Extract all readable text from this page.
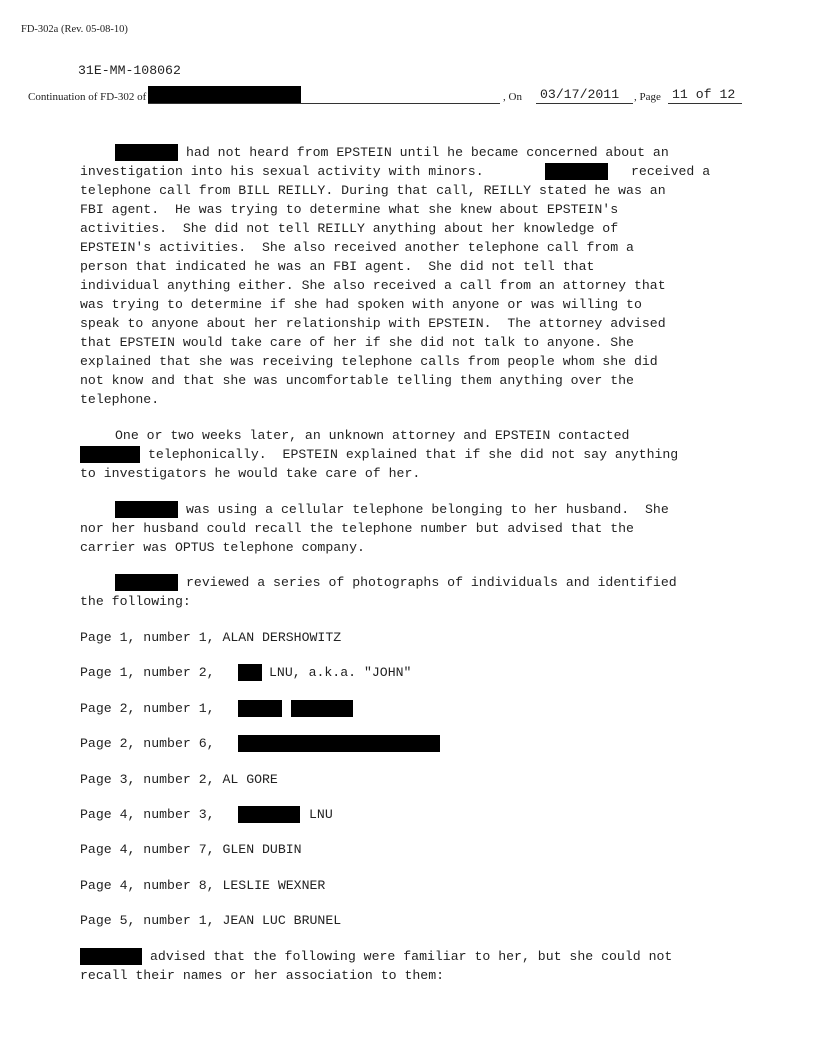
FD-302a (Rev. 05-08-10)
31E-MM-108062
Continuation of FD-302 of	, On 03/17/2011 , Page 11 of 12
had not heard from EPSTEIN until he became concerned about an
investigation into his sexual activity with minors.	received a
telephone call from BILL REILLY. During that call, REILLY stated he was an
FBI agent.  He was trying to determine what she knew about EPSTEIN's
activities.  She did not tell REILLY anything about her knowledge of
EPSTEIN's activities.  She also received another telephone call from a
person that indicated he was an FBI agent.  She did not tell that
individual anything either. She also received a call from an attorney that
was trying to determine if she had spoken with anyone or was willing to
speak to anyone about her relationship with EPSTEIN.  The attorney advised
that EPSTEIN would take care of her if she did not talk to anyone. She
explained that she was receiving telephone calls from people whom she did
not know and that she was uncomfortable telling them anything over the
telephone.
One or two weeks later, an unknown attorney and EPSTEIN contacted
telephonically.  EPSTEIN explained that if she did not say anything
to investigators he would take care of her.
was using a cellular telephone belonging to her husband.  She
nor her husband could recall the telephone number but advised that the
carrier was OPTUS telephone company.
reviewed a series of photographs of individuals and identified
the following:
Page 1, number 1, ALAN DERSHOWITZ
Page 1, number 2,	LNU, a.k.a. "JOHN"
Page 2, number 1,
Page 2, number 6,
Page 3, number 2, AL GORE
Page 4, number 3,	LNU
Page 4, number 7, GLEN DUBIN
Page 4, number 8, LESLIE WEXNER
Page 5, number 1, JEAN LUC BRUNEL
advised that the following were familiar to her, but she could not
recall their names or her association to them:
